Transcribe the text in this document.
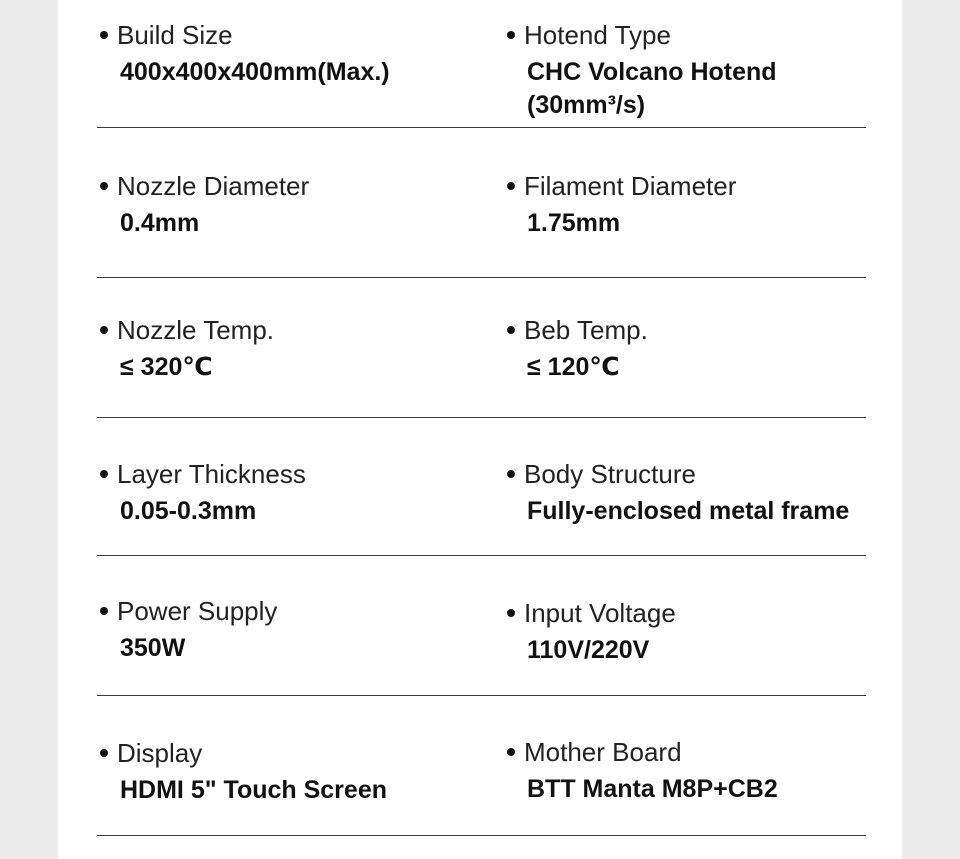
Build Size
400x400x400mm(Max.)
Hotend Type
CHC Volcano Hotend
(30mm³/s)
Nozzle Diameter
0.4mm
Filament Diameter
1.75mm
Nozzle Temp.
≤ 320℃
Beb Temp.
≤ 120℃
Layer Thickness
0.05-0.3mm
Body Structure
Fully-enclosed metal frame
Power Supply
350W
Input Voltage
110V/220V
Display
HDMI 5" Touch Screen
Mother Board
BTT Manta M8P+CB2
